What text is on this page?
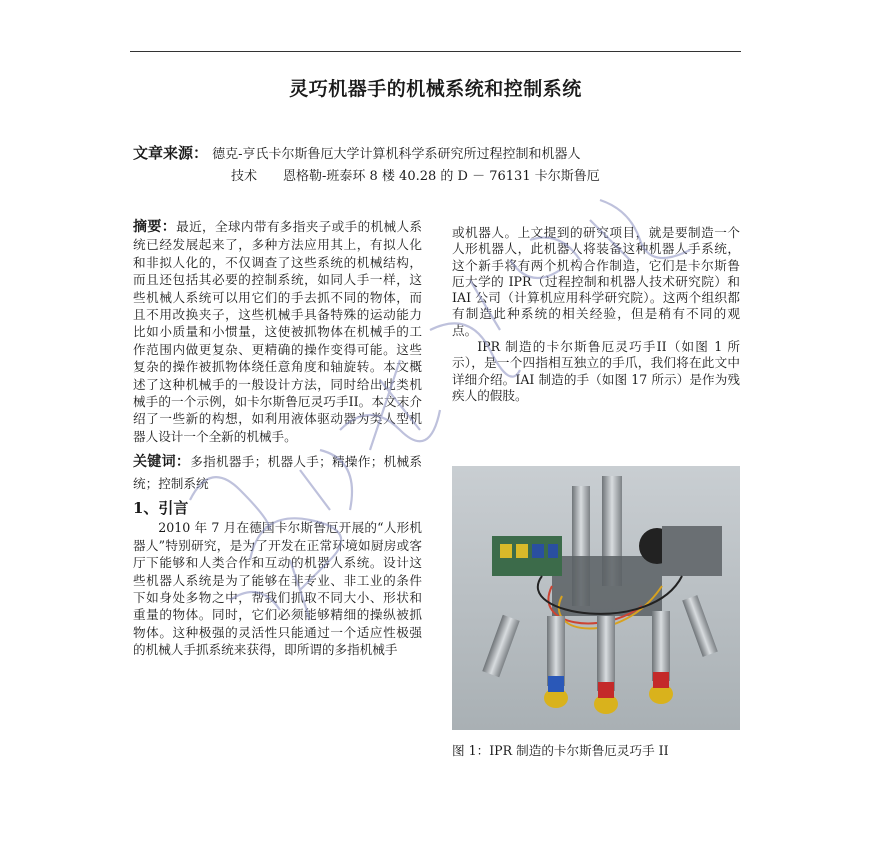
灵巧机器手的机械系统和控制系统
文章来源： 德克-亨氏卡尔斯鲁厄大学计算机科学系研究所过程控制和机器人
技术　　恩格勒-班泰环 8 楼 40.28 的 D － 76131 卡尔斯鲁厄

摘要：最近，全球内带有多指夹子或手的机械人系统已经发展起来了，多种方法应用其上，有拟人化和非拟人化的，不仅调查了这些系统的机械结构，而且还包括其必要的控制系统，如同人手一样，这些机械人系统可以用它们的手去抓不同的物体，而且不用改换夹子，这些机械手具备特殊的运动能力比如小质量和小惯量，这使被抓物体在机械手的工作范围内做更复杂、更精确的操作变得可能。这些复杂的操作被抓物体绕任意角度和轴旋转。本文概述了这种机械手的一般设计方法，同时给出此类机械手的一个示例，如卡尔斯鲁厄灵巧手II。本文末介绍了一些新的构想，如利用液体驱动器为类人型机器人设计一个全新的机械手。

关键词：多指机器手；机器人手；精操作；机械系统；控制系统

1、引言

2010 年 7 月在德国卡尔斯鲁厄开展的“人形机器人”特别研究，是为了开发在正常环境如厨房或客厅下能够和人类合作和互动的机器人系统。设计这些机器人系统是为了能够在非专业、非工业的条件下如身处多物之中，帮我们抓取不同大小、形状和重量的物体。同时，它们必须能够精细的操纵被抓物体。这种极强的灵活性只能通过一个适应性极强的机械人手抓系统来获得，即所谓的多指机械手

或机器人。上文提到的研究项目，就是要制造一个人形机器人，此机器人将装备这种机器人手系统，这个新手将有两个机构合作制造，它们是卡尔斯鲁厄大学的 IPR（过程控制和机器人技术研究院）和 IAI 公司（计算机应用科学研究院）。这两个组织都有制造此种系统的相关经验，但是稍有不同的观点。

IPR 制造的卡尔斯鲁厄灵巧手II（如图 1 所示），是一个四指相互独立的手爪，我们将在此文中详细介绍。IAI 制造的手（如图 17 所示）是作为残疾人的假肢。

图 1：IPR 制造的卡尔斯鲁厄灵巧手 II
